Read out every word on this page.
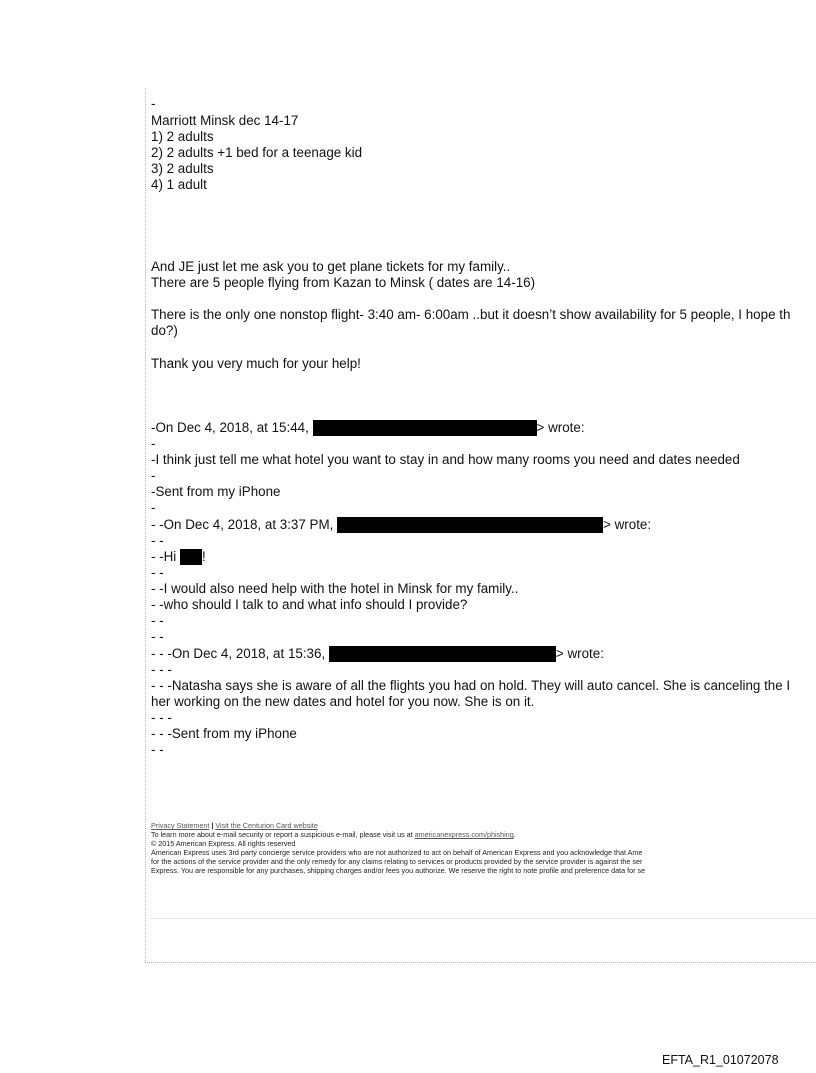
-
Marriott Minsk dec 14-17
1) 2 adults
2) 2 adults +1 bed for a teenage kid
3) 2 adults
4) 1 adult
And JE just let me ask you to get plane tickets for my family..
There are 5 people flying from Kazan to Minsk ( dates are 14-16)
There is the only one nonstop flight- 3:40 am- 6:00am ..but it doesn’t show availability for 5 people, I hope th
do?)
Thank you very much for your help!
-On Dec 4, 2018, at 15:44,	> wrote:
-
-I think just tell me what hotel you want to stay in and how many rooms you need and dates needed
-
-Sent from my iPhone
-
- -On Dec 4, 2018, at 3:37 PM,	> wrote:
- -
- -Hi !
- -
- -I would also need help with the hotel in Minsk for my family..
- -who should I talk to and what info should I provide?
- -
- -
- - -On Dec 4, 2018, at 15:36,	> wrote:
- - -
- - -Natasha says she is aware of all the flights you had on hold. They will auto cancel. She is canceling the I
her working on the new dates and hotel for you now. She is on it.
- - -
- - -Sent from my iPhone
- -
Privacy Statement | Visit the Centurion Card website
To learn more about e-mail security or report a suspicious e-mail, please visit us at americanexpress.com/phishing.
© 2015 American Express. All rights reserved
American Express uses 3rd party concierge service providers who are not authorized to act on behalf of American Express and you acknowledge that Ame
for the actions of the service provider and the only remedy for any claims relating to services or products provided by the service provider is against the ser
Express. You are responsible for any purchases, shipping charges and/or fees you authorize. We reserve the right to note profile and preference data for se
EFTA_R1_01072078
